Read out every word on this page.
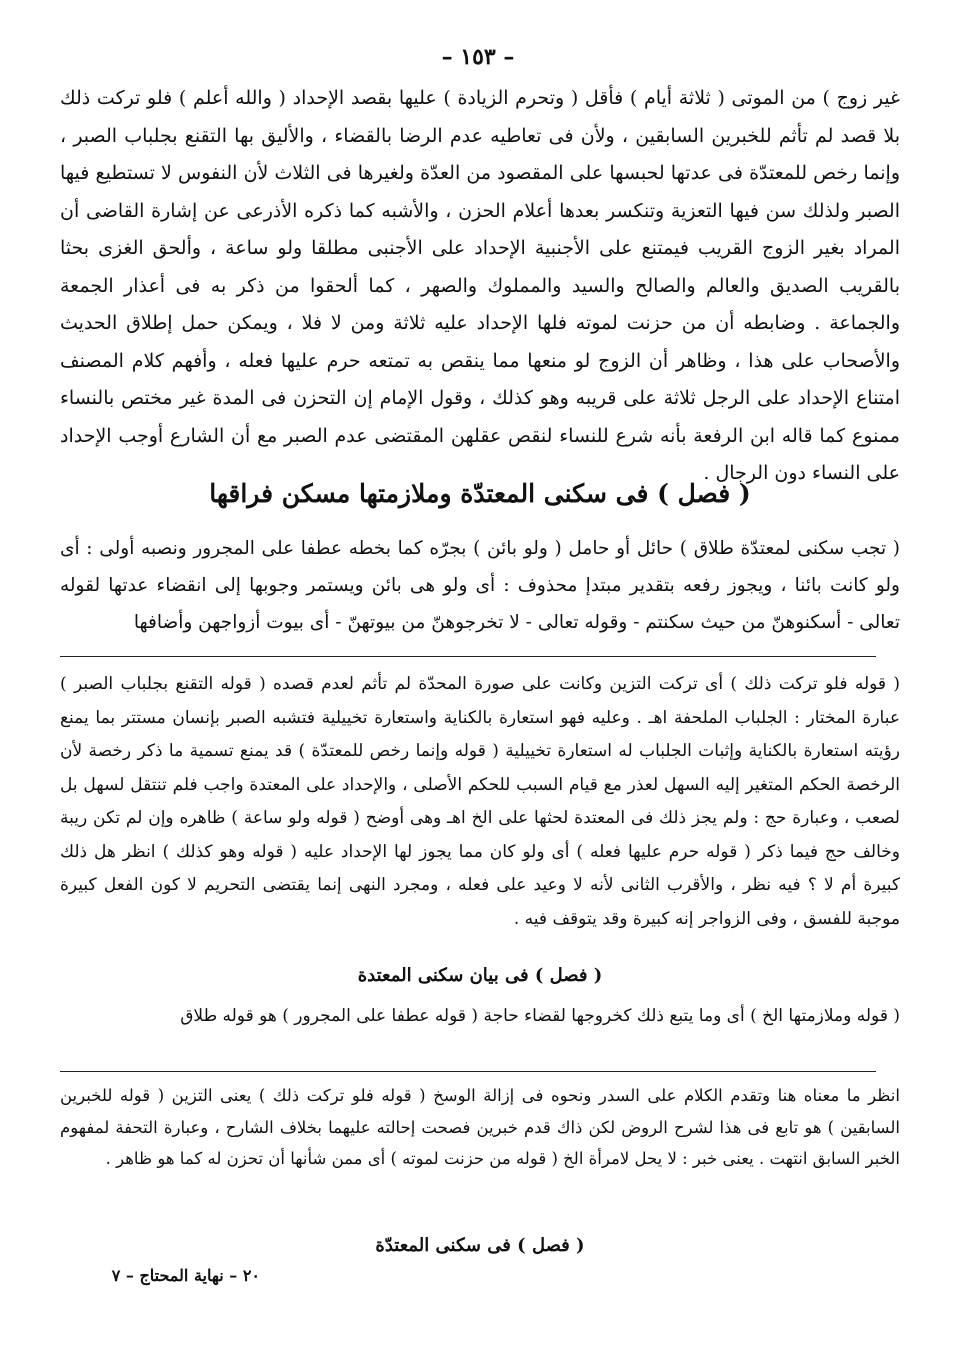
– ١٥٣ –

غير زوج ) من الموتى ( ثلاثة أيام ) فأقل ( وتحرم الزيادة ) عليها بقصد الإحداد ( والله أعلم ) فلو تركت ذلك بلا قصد لم تأثم للخبرين السابقين ، ولأن فى تعاطيه عدم الرضا بالقضاء ، والأليق بها التقنع بجلباب الصبر ، وإنما رخص للمعتدّة فى عدتها لحبسها على المقصود من العدّة ولغيرها فى الثلاث لأن النفوس لا تستطيع فيها الصبر ولذلك سن فيها التعزية وتنكسر بعدها أعلام الحزن ، والأشبه كما ذكره الأذرعى عن إشارة القاضى أن المراد بغير الزوج القريب فيمتنع على الأجنبية الإحداد على الأجنبى مطلقا ولو ساعة ، وألحق الغزى بحثا بالقريب الصديق والعالم والصالح والسيد والمملوك والصهر ، كما ألحقوا من ذكر به فى أعذار الجمعة والجماعة . وضابطه أن من حزنت لموته فلها الإحداد عليه ثلاثة ومن لا فلا ، ويمكن حمل إطلاق الحديث والأصحاب على هذا ، وظاهر أن الزوج لو منعها مما ينقص به تمتعه حرم عليها فعله ، وأفهم كلام المصنف امتناع الإحداد على الرجل ثلاثة على قريبه وهو كذلك ، وقول الإمام إن التحزن فى المدة غير مختص بالنساء ممنوع كما قاله ابن الرفعة بأنه شرع للنساء لنقص عقلهن المقتضى عدم الصبر مع أن الشارع أوجب الإحداد على النساء دون الرجال .

( فصل ) فى سكنى المعتدّة وملازمتها مسكن فراقها

( تجب سكنى لمعتدّة طلاق ) حائل أو حامل ( ولو بائن ) بجرّه كما بخطه عطفا على المجرور ونصبه أولى : أى ولو كانت بائنا ، ويجوز رفعه بتقدير مبتدإ محذوف : أى ولو هى بائن ويستمر وجوبها إلى انقضاء عدتها لقوله تعالى - أسكنوهنّ من حيث سكنتم - وقوله تعالى - لا تخرجوهنّ من بيوتهنّ - أى بيوت أزواجهن وأضافها

( قوله فلو تركت ذلك ) أى تركت التزين وكانت على صورة المحدّة لم تأثم لعدم قصده ( قوله التقنع بجلباب الصبر ) عبارة المختار : الجلباب الملحفة اهـ . وعليه فهو استعارة بالكناية واستعارة تخييلية فتشبه الصبر بإنسان مستتر بما يمنع رؤيته استعارة بالكناية وإثبات الجلباب له استعارة تخييلية ( قوله وإنما رخص للمعتدّة ) قد يمنع تسمية ما ذكر رخصة لأن الرخصة الحكم المتغير إليه السهل لعذر مع قيام السبب للحكم الأصلى ، والإحداد على المعتدة واجب فلم تنتقل لسهل بل لصعب ، وعبارة حج : ولم يجز ذلك فى المعتدة لحثها على الخ اهـ وهى أوضح ( قوله ولو ساعة ) ظاهره وإن لم تكن ريبة وخالف حج فيما ذكر ( قوله حرم عليها فعله ) أى ولو كان مما يجوز لها الإحداد عليه ( قوله وهو كذلك ) انظر هل ذلك كبيرة أم لا ؟ فيه نظر ، والأقرب الثانى لأنه لا وعيد على فعله ، ومجرد النهى إنما يقتضى التحريم لا كون الفعل كبيرة موجبة للفسق ، وفى الزواجر إنه كبيرة وقد يتوقف فيه .

( فصل ) فى بيان سكنى المعتدة

( قوله وملازمتها الخ ) أى وما يتبع ذلك كخروجها لقضاء حاجة ( قوله عطفا على المجرور ) هو قوله طلاق

انظر ما معناه هنا وتقدم الكلام على السدر ونحوه فى إزالة الوسخ ( قوله فلو تركت ذلك ) يعنى التزين ( قوله للخبرين السابقين ) هو تابع فى هذا لشرح الروض لكن ذاك قدم خبرين فصحت إحالته عليهما بخلاف الشارح ، وعبارة التحفة لمفهوم الخبر السابق انتهت . يعنى خبر : لا يحل لامرأة الخ ( قوله من حزنت لموته ) أى ممن شأنها أن تحزن له كما هو ظاهر .

( فصل ) فى سكنى المعتدّة
٢٠ – نهاية المحتاج – ٧
